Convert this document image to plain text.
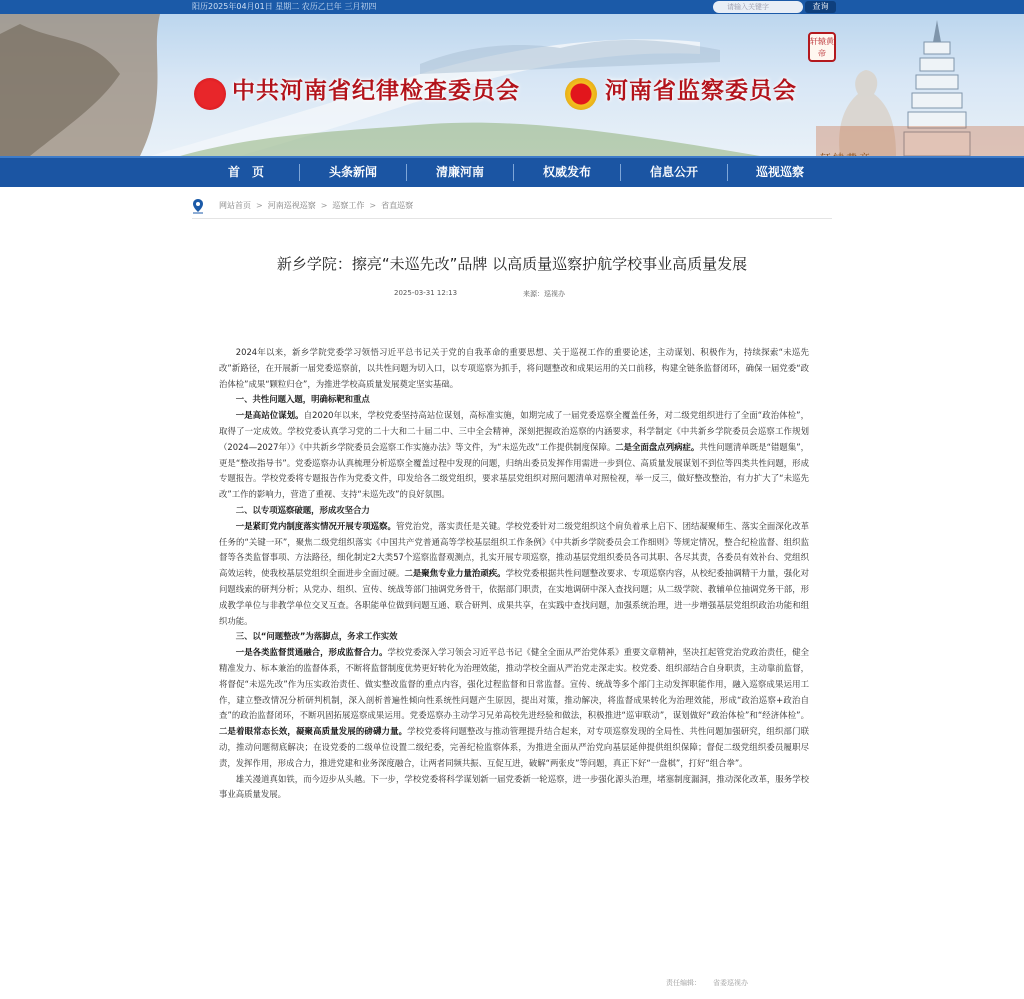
阳历2025年04月01日 星期二 农历乙巳年 三月初四	请输入关键字	查询
中共河南省纪律检查委员会	河南省监察委员会
轩辕黄帝
首　页	头条新闻	清廉河南	权威发布	信息公开	巡视巡察
网站首页 > 河南巡视巡察 > 巡察工作 > 省直巡察
新乡学院：擦亮“未巡先改”品牌 以高质量巡察护航学校事业高质量发展
2025-03-31 12:13	来源：巡视办

2024年以来，新乡学院党委学习领悟习近平总书记关于党的自我革命的重要思想、关于巡视工作的重要论述，主动谋划、积极作为，持续探索“未巡先改”新路径，在开展新一届党委巡察前，以共性问题为切入口，以专项巡察为抓手，将问题整改和成果运用的关口前移，构建全链条监督闭环，确保一届党委“政治体检”成果“颗粒归仓”，为推进学校高质量发展奠定坚实基础。

一、共性问题入题，明确标靶和重点

一是高站位谋划。自2020年以来，学校党委坚持高站位谋划，高标准实施，如期完成了一届党委巡察全覆盖任务，对二级党组织进行了全面“政治体检”，取得了一定成效。学校党委认真学习党的二十大和二十届二中、三中全会精神，深刻把握政治巡察的内涵要求，科学制定《中共新乡学院委员会巡察工作规划（2024—2027年）》《中共新乡学院委员会巡察工作实施办法》等文件，为“未巡先改”工作提供制度保障。二是全面盘点列病症。共性问题清单既是“错题集”，更是“整改指导书”。党委巡察办认真梳理分析巡察全覆盖过程中发现的问题，归纳出委员发挥作用需进一步到位、高质量发展谋划不到位等四类共性问题，形成专题报告。学校党委将专题报告作为党委文件，印发给各二级党组织，要求基层党组织对照问题清单对照检视，举一反三，做好整改整治，有力扩大了“未巡先改”工作的影响力，营造了重视、支持“未巡先改”的良好氛围。

二、以专项巡察破题，形成攻坚合力

一是紧盯党内制度落实情况开展专项巡察。管党治党，落实责任是关键。学校党委针对二级党组织这个肩负着承上启下、团结凝聚师生、落实全面深化改革任务的“关键一环”，聚焦二级党组织落实《中国共产党普通高等学校基层组织工作条例》《中共新乡学院委员会工作细则》等规定情况，整合纪检监督、组织监督等各类监督事项、方法路径，细化制定2大类57个巡察监督观测点，扎实开展专项巡察，推动基层党组织委员各司其职、各尽其责，各委员有效补台、党组织高效运转，使我校基层党组织全面进步全面过硬。二是聚焦专业力量治顽疾。学校党委根据共性问题整改要求、专项巡察内容，从校纪委抽调精干力量，强化对问题线索的研判分析；从党办、组织、宣传、统战等部门抽调党务骨干，依据部门职责，在实地调研中深入查找问题；从二级学院、教辅单位抽调党务干部，形成教学单位与非教学单位交叉互查。各职能单位做到问题互通、联合研判、成果共享，在实践中查找问题，加强系统治理，进一步增强基层党组织政治功能和组织功能。

三、以“问题整改”为落脚点，务求工作实效

一是各类监督贯通融合，形成监督合力。学校党委深入学习领会习近平总书记《健全全面从严治党体系》重要文章精神，坚决扛起管党治党政治责任，健全精准发力、标本兼治的监督体系，不断将监督制度优势更好转化为治理效能，推动学校全面从严治党走深走实。校党委、组织部结合自身职责，主动靠前监督，将督促“未巡先改”作为压实政治责任、做实整改监督的重点内容，强化过程监督和日常监督。宣传、统战等多个部门主动发挥职能作用，融入巡察成果运用工作，建立整改情况分析研判机制，深入剖析普遍性倾向性系统性问题产生原因，提出对策，推动解决，将监督成果转化为治理效能，形成“政治巡察+政治自查”的政治监督闭环，不断巩固拓展巡察成果运用。党委巡察办主动学习兄弟高校先进经验和做法，积极推进“巡审联动”，谋划做好“政治体检”和“经济体检”。二是着眼常态长效，凝聚高质量发展的磅礴力量。学校党委将问题整改与推动管理提升结合起来，对专项巡察发现的全局性、共性问题加强研究，组织部门联动，推动问题彻底解决；在设党委的二级单位设置二级纪委，完善纪检监察体系，为推进全面从严治党向基层延伸提供组织保障；督促二级党组织委员履职尽责，发挥作用，形成合力，推进党建和业务深度融合，让两者同频共振、互促互进，破解“两张皮”等问题，真正下好“一盘棋”，打好“组合拳”。

雄关漫道真如铁，而今迈步从头越。下一步，学校党委将科学谋划新一届党委新一轮巡察，进一步强化源头治理，堵塞制度漏洞，推动深化改革，服务学校事业高质量发展。

责任编辑： 省委巡视办
